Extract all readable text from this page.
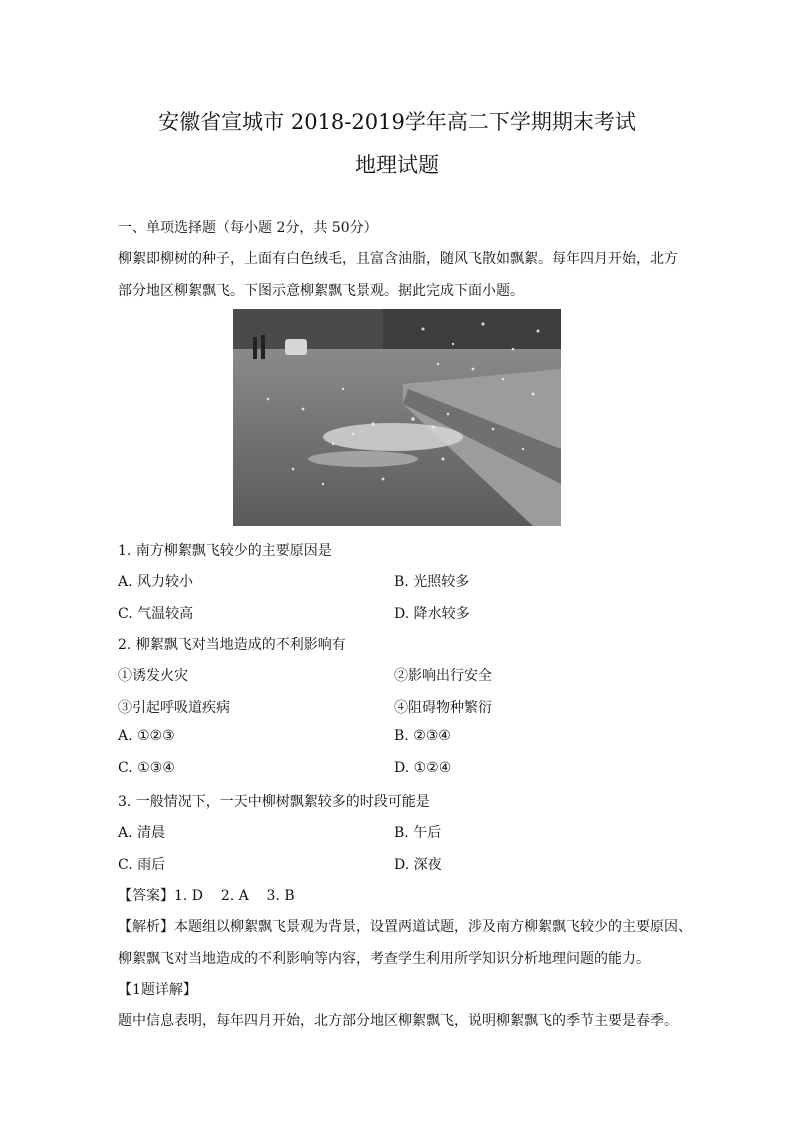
安徽省宣城市 2018-2019学年高二下学期期末考试
地理试题
一、单项选择题（每小题 2分，共 50分）
柳絮即柳树的种子，上面有白色绒毛，且富含油脂，随风飞散如飘絮。每年四月开始，北方
部分地区柳絮飘飞。下图示意柳絮飘飞景观。据此完成下面小题。
1. 南方柳絮飘飞较少的主要原因是
A. 风力较小	B. 光照较多
C. 气温较高	D. 降水较多
2. 柳絮飘飞对当地造成的不利影响有
①诱发火灾	②影响出行安全
③引起呼吸道疾病	④阻碍物种繁衍
A. ①②③	B. ②③④
C. ①③④	D. ①②④
3. 一般情况下，一天中柳树飘絮较多的时段可能是
A. 清晨	B. 午后
C. 雨后	D. 深夜
【答案】1. D    2. A    3. B
【解析】本题组以柳絮飘飞景观为背景，设置两道试题，涉及南方柳絮飘飞较少的主要原因、
柳絮飘飞对当地造成的不利影响等内容，考查学生利用所学知识分析地理问题的能力。
【1题详解】
题中信息表明，每年四月开始，北方部分地区柳絮飘飞，说明柳絮飘飞的季节主要是春季。
